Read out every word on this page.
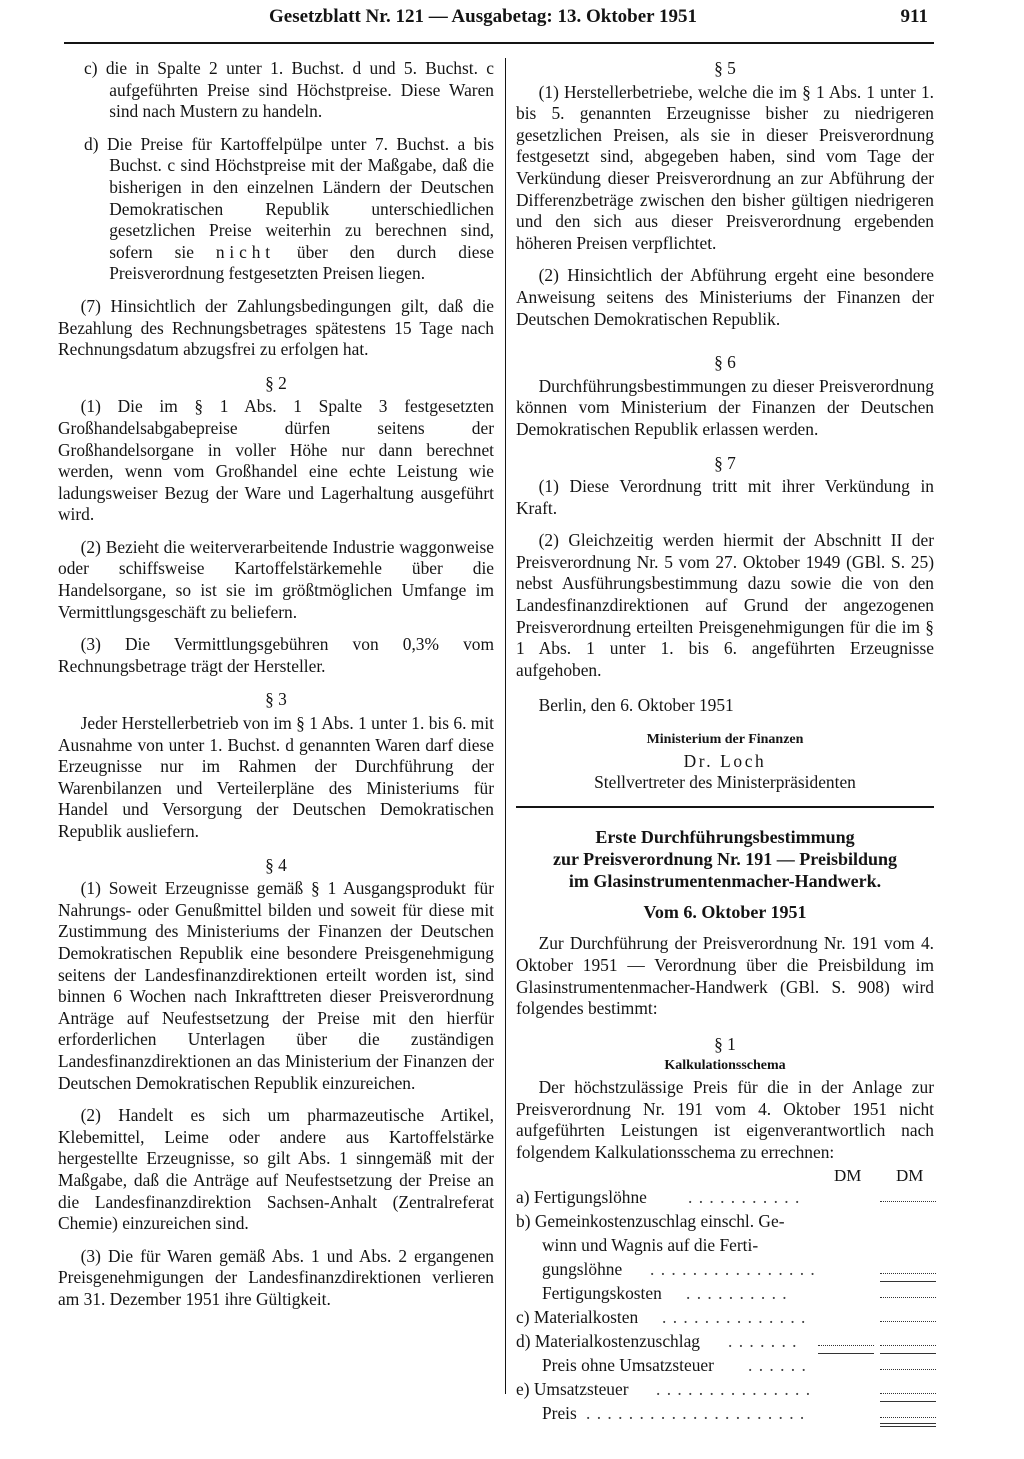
Gesetzblatt Nr. 121 — Ausgabetag: 13. Oktober 1951	911

c) die in Spalte 2 unter 1. Buchst. d und 5. Buchst. c aufgeführten Preise sind Höchstpreise. Diese Waren sind nach Mustern zu handeln.

d) Die Preise für Kartoffelpülpe unter 7. Buchst. a bis Buchst. c sind Höchstpreise mit der Maßgabe, daß die bisherigen in den einzelnen Ländern der Deutschen Demokratischen Republik unterschiedlichen gesetzlichen Preise weiterhin zu berechnen sind, sofern sie nicht über den durch diese Preisverordnung festgesetzten Preisen liegen.

(7) Hinsichtlich der Zahlungsbedingungen gilt, daß die Bezahlung des Rechnungsbetrages spätestens 15 Tage nach Rechnungsdatum abzugsfrei zu erfolgen hat.

§ 2

(1) Die im § 1 Abs. 1 Spalte 3 festgesetzten Großhandelsabgabepreise dürfen seitens der Großhandelsorgane in voller Höhe nur dann berechnet werden, wenn vom Großhandel eine echte Leistung wie ladungsweiser Bezug der Ware und Lagerhaltung ausgeführt wird.

(2) Bezieht die weiterverarbeitende Industrie waggonweise oder schiffsweise Kartoffelstärkemehle über die Handelsorgane, so ist sie im größtmöglichen Umfange im Vermittlungsgeschäft zu beliefern.

(3) Die Vermittlungsgebühren von 0,3% vom Rechnungsbetrage trägt der Hersteller.

§ 3

Jeder Herstellerbetrieb von im § 1 Abs. 1 unter 1. bis 6. mit Ausnahme von unter 1. Buchst. d genannten Waren darf diese Erzeugnisse nur im Rahmen der Durchführung der Warenbilanzen und Verteilerpläne des Ministeriums für Handel und Versorgung der Deutschen Demokratischen Republik ausliefern.

§ 4

(1) Soweit Erzeugnisse gemäß § 1 Ausgangsprodukt für Nahrungs- oder Genußmittel bilden und soweit für diese mit Zustimmung des Ministeriums der Finanzen der Deutschen Demokratischen Republik eine besondere Preisgenehmigung seitens der Landesfinanzdirektionen erteilt worden ist, sind binnen 6 Wochen nach Inkrafttreten dieser Preisverordnung Anträge auf Neufestsetzung der Preise mit den hierfür erforderlichen Unterlagen über die zuständigen Landesfinanzdirektionen an das Ministerium der Finanzen der Deutschen Demokratischen Republik einzureichen.

(2) Handelt es sich um pharmazeutische Artikel, Klebemittel, Leime oder andere aus Kartoffelstärke hergestellte Erzeugnisse, so gilt Abs. 1 sinngemäß mit der Maßgabe, daß die Anträge auf Neufestsetzung der Preise an die Landesfinanzdirektion Sachsen-Anhalt (Zentralreferat Chemie) einzureichen sind.

(3) Die für Waren gemäß Abs. 1 und Abs. 2 ergangenen Preisgenehmigungen der Landesfinanzdirektionen verlieren am 31. Dezember 1951 ihre Gültigkeit.

§ 5

(1) Herstellerbetriebe, welche die im § 1 Abs. 1 unter 1. bis 5. genannten Erzeugnisse bisher zu niedrigeren gesetzlichen Preisen, als sie in dieser Preisverordnung festgesetzt sind, abgegeben haben, sind vom Tage der Verkündung dieser Preisverordnung an zur Abführung der Differenzbeträge zwischen den bisher gültigen niedrigeren und den sich aus dieser Preisverordnung ergebenden höheren Preisen verpflichtet.

(2) Hinsichtlich der Abführung ergeht eine besondere Anweisung seitens des Ministeriums der Finanzen der Deutschen Demokratischen Republik.

§ 6

Durchführungsbestimmungen zu dieser Preisverordnung können vom Ministerium der Finanzen der Deutschen Demokratischen Republik erlassen werden.

§ 7

(1) Diese Verordnung tritt mit ihrer Verkündung in Kraft.

(2) Gleichzeitig werden hiermit der Abschnitt II der Preisverordnung Nr. 5 vom 27. Oktober 1949 (GBl. S. 25) nebst Ausführungsbestimmung dazu sowie die von den Landesfinanzdirektionen auf Grund der angezogenen Preisverordnung erteilten Preisgenehmigungen für die im § 1 Abs. 1 unter 1. bis 6. angeführten Erzeugnisse aufgehoben.

Berlin, den 6. Oktober 1951

Ministerium der Finanzen
Dr. Loch
Stellvertreter des Ministerpräsidenten
Erste Durchführungsbestimmung
zur Preisverordnung Nr. 191 — Preisbildung
im Glasinstrumentenmacher-Handwerk.
Vom 6. Oktober 1951

Zur Durchführung der Preisverordnung Nr. 191 vom 4. Oktober 1951 — Verordnung über die Preisbildung im Glasinstrumentenmacher-Handwerk (GBl. S. 908) wird folgendes bestimmt:

§ 1
Kalkulationsschema

Der höchstzulässige Preis für die in der Anlage zur Preisverordnung Nr. 191 vom 4. Oktober 1951 nicht aufgeführten Leistungen ist eigenverantwortlich nach folgendem Kalkulationsschema zu errechnen:

DM DM
a) Fertigungslöhne . . . . . . . . . . .
b) Gemeinkostenzuschlag einschl. Ge-
winn und Wagnis auf die Ferti-
gungslöhne . . . . . . . . . . . . . . . .
Fertigungskosten . . . . . . . . . .
c) Materialkosten . . . . . . . . . . . . . .
d) Materialkostenzuschlag . . . . . . .
Preis ohne Umsatzsteuer . . . . . .
e) Umsatzsteuer . . . . . . . . . . . . . . .
Preis . . . . . . . . . . . . . . . . . . . . .
